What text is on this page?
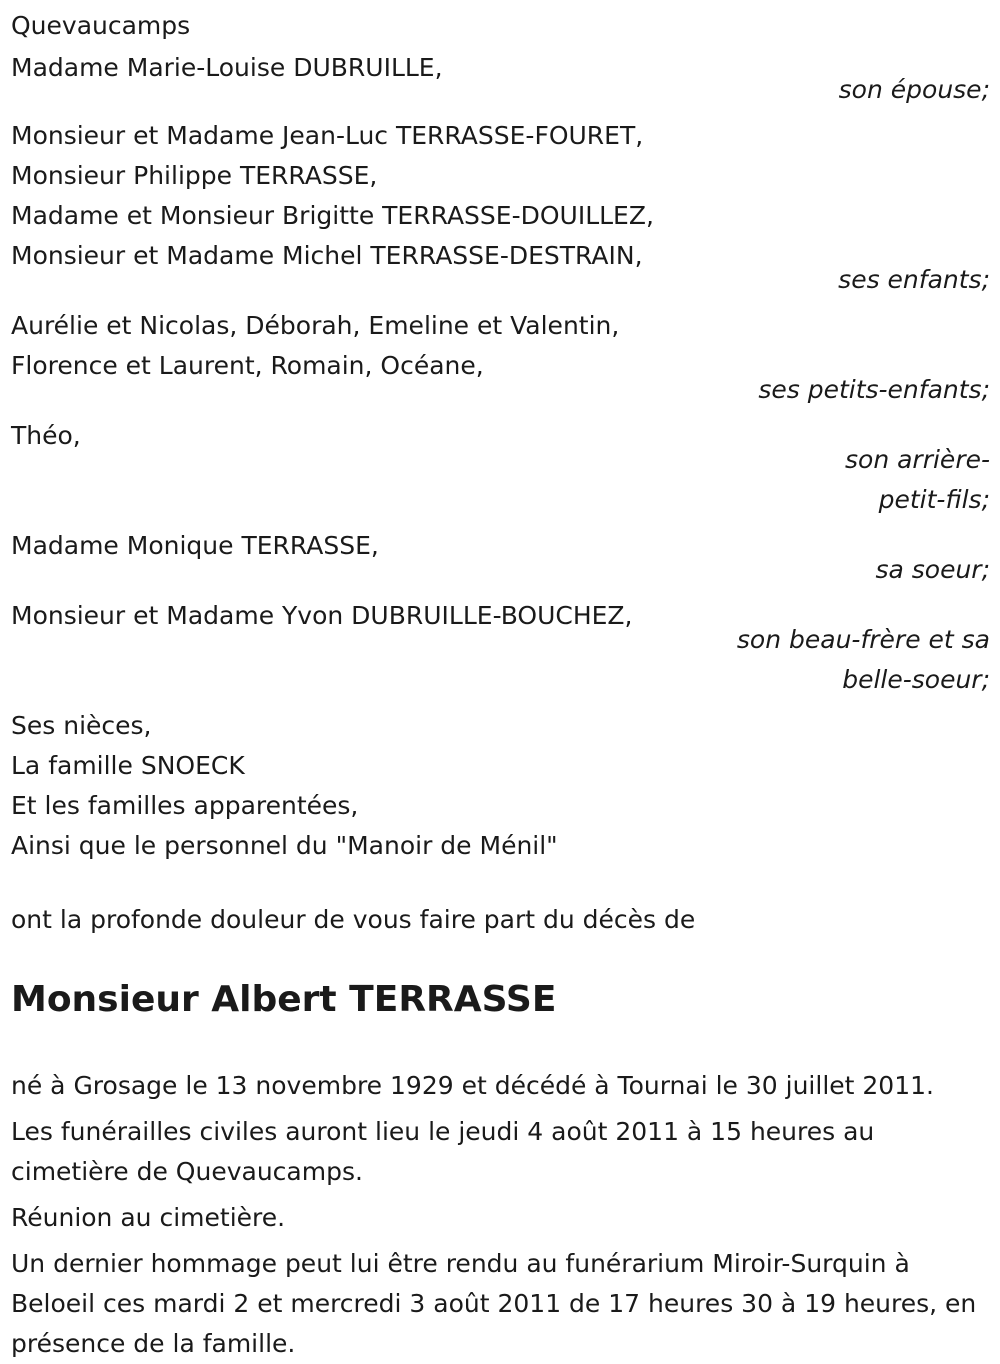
Quevaucamps
Madame Marie-Louise DUBRUILLE,
son épouse;
Monsieur et Madame Jean-Luc TERRASSE-FOURET,
Monsieur Philippe TERRASSE,
Madame et Monsieur Brigitte TERRASSE-DOUILLEZ,
Monsieur et Madame Michel TERRASSE-DESTRAIN,
ses enfants;
Aurélie et Nicolas, Déborah, Emeline et Valentin,
Florence et Laurent, Romain, Océane,
ses petits-enfants;
Théo,
son arrière-
petit-fils;
Madame Monique TERRASSE,
sa soeur;
Monsieur et Madame Yvon DUBRUILLE-BOUCHEZ,
son beau-frère et sa
belle-soeur;
Ses nièces,
La famille SNOECK
Et les familles apparentées,
Ainsi que le personnel du "Manoir de Ménil"
ont la profonde douleur de vous faire part du décès de
Monsieur Albert TERRASSE
né à Grosage le 13 novembre 1929 et décédé à Tournai le 30 juillet 2011.
Les funérailles civiles auront lieu le jeudi 4 août 2011 à 15 heures au cimetière de Quevaucamps.
Réunion au cimetière.
Un dernier hommage peut lui être rendu au funérarium Miroir-Surquin à Beloeil ces mardi 2 et mercredi 3 août 2011 de 17 heures 30 à 19 heures, en présence de la famille.
